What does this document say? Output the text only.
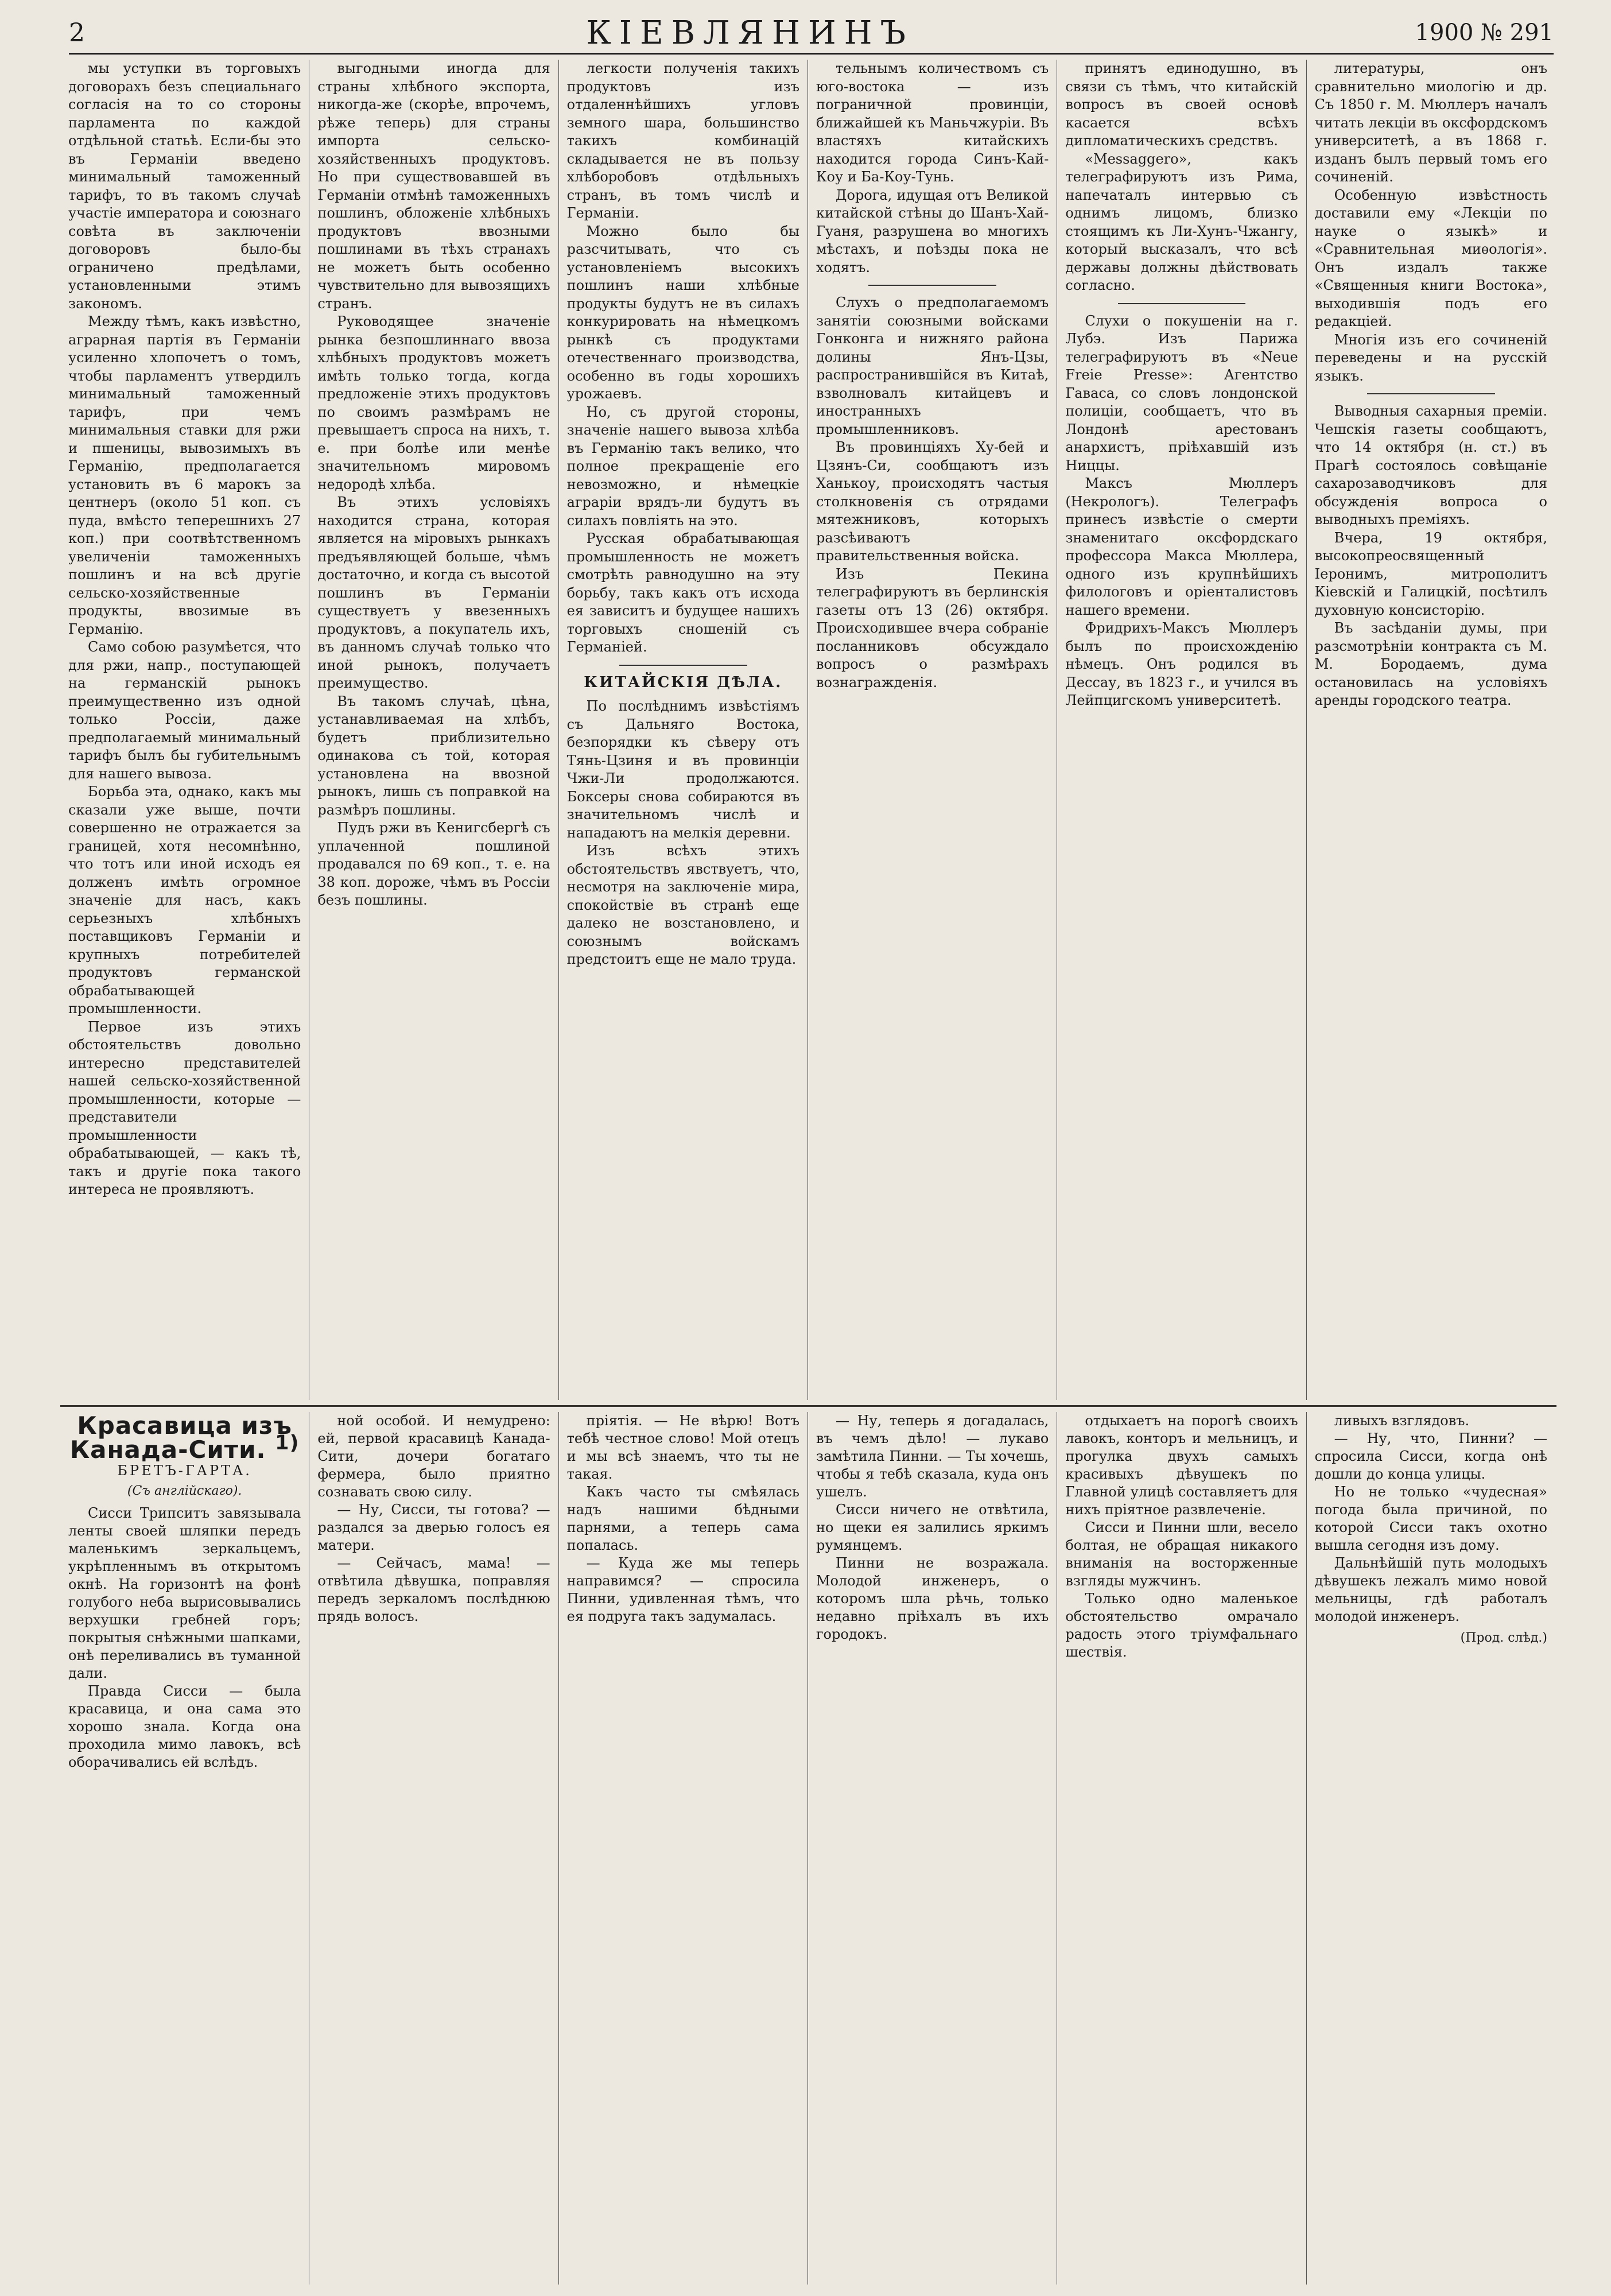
2	КІЕВЛЯНИНЪ	1900 № 291

мы уступки въ торговыхъ договорахъ безъ специальнаго согласія на то со стороны парламента по каждой отдѣльной статьѣ. Если-бы это въ Германіи введено минимальный таможенный тарифъ, то въ такомъ случаѣ участіе императора и союзнаго совѣта въ заключеніи договоровъ было-бы ограничено предѣлами, установленными этимъ закономъ.

Между тѣмъ, какъ извѣстно, аграрная партія въ Германіи усиленно хлопочетъ о томъ, чтобы парламентъ утвердилъ минимальный таможенный тарифъ, при чемъ минимальныя ставки для ржи и пшеницы, вывозимыхъ въ Германію, предполагается установить въ 6 марокъ за центнеръ (около 51 коп. съ пуда, вмѣсто теперешнихъ 27 коп.) при соотвѣтственномъ увеличеніи таможенныхъ пошлинъ и на всѣ другіе сельско-хозяйственные продукты, ввозимые въ Германію.

Само собою разумѣется, что для ржи, напр., поступающей на германскій рынокъ преимущественно изъ одной только Россіи, даже предполагаемый минимальный тарифъ былъ бы губительнымъ для нашего вывоза.

Борьба эта, однако, какъ мы сказали уже выше, почти совершенно не отражается за границей, хотя несомнѣнно, что тотъ или иной исходъ ея долженъ имѣть огромное значеніе для насъ, какъ серьезныхъ хлѣбныхъ поставщиковъ Германіи и крупныхъ потребителей продуктовъ германской обрабатывающей промышленности.

Первое изъ этихъ обстоятельствъ довольно интересно представителей нашей сельско-хозяйственной промышленности, которые — представители промышленности обрабатывающей, — какъ тѣ, такъ и другіе пока такого интереса не проявляютъ.

выгодными иногда для страны хлѣбного экспорта, никогда-же (скорѣе, впрочемъ, рѣже теперь) для страны импорта сельско-хозяйственныхъ продуктовъ. Но при существовавшей въ Германіи отмѣнѣ таможенныхъ пошлинъ, обложеніе хлѣбныхъ продуктовъ ввозными пошлинами въ тѣхъ странахъ не можетъ быть особенно чувствительно для вывозящихъ странъ.

Руководящее значеніе рынка безпошлиннаго ввоза хлѣбныхъ продуктовъ можетъ имѣть только тогда, когда предложеніе этихъ продуктовъ по своимъ размѣрамъ не превышаетъ спроса на нихъ, т. е. при болѣе или менѣе значительномъ мировомъ недородѣ хлѣба.

Въ этихъ условіяхъ находится страна, которая является на міровыхъ рынкахъ предъявляющей больше, чѣмъ достаточно, и когда съ высотой пошлинъ въ Германіи существуетъ у ввезенныхъ продуктовъ, а покупатель ихъ, въ данномъ случаѣ только что иной рынокъ, получаетъ преимущество.

Въ такомъ случаѣ, цѣна, устанавливаемая на хлѣбъ, будетъ приблизительно одинакова съ той, которая установлена на ввозной рынокъ, лишь съ поправкой на размѣръ пошлины.

Пудъ ржи въ Кенигсбергѣ съ уплаченной пошлиной продавался по 69 коп., т. е. на 38 коп. дороже, чѣмъ въ Россіи безъ пошлины.

легкости полученія такихъ продуктовъ изъ отдаленнѣйшихъ угловъ земного шара, большинство такихъ комбинацій складывается не въ пользу хлѣборобовъ отдѣльныхъ странъ, въ томъ числѣ и Германіи.

Можно было бы разсчитывать, что съ установленіемъ высокихъ пошлинъ наши хлѣбные продукты будутъ не въ силахъ конкурировать на нѣмецкомъ рынкѣ съ продуктами отечественнаго производства, особенно въ годы хорошихъ урожаевъ.

Но, съ другой стороны, значеніе нашего вывоза хлѣба въ Германію такъ велико, что полное прекращеніе его невозможно, и нѣмецкіе аграріи врядъ-ли будутъ въ силахъ повліять на это.

Русская обрабатывающая промышленность не можетъ смотрѣть равнодушно на эту борьбу, такъ какъ отъ исхода ея зависитъ и будущее нашихъ торговыхъ сношеній съ Германіей.

КИТАЙСКІЯ ДѢЛА.

По послѣднимъ извѣстіямъ съ Дальняго Востока, безпорядки къ сѣверу отъ Тянь-Цзиня и въ провинціи Чжи-Ли продолжаются. Боксеры снова собираются въ значительномъ числѣ и нападаютъ на мелкія деревни.

Изъ всѣхъ этихъ обстоятельствъ явствуетъ, что, несмотря на заключеніе мира, спокойствіе въ странѣ еще далеко не возстановлено, и союзнымъ войскамъ предстоитъ еще не мало труда.

тельнымъ количествомъ съ юго-востока — изъ пограничной провинціи, ближайшей къ Маньчжуріи. Въ властяхъ китайскихъ находится города Синъ-Кай-Коу и Ба-Коу-Тунь.

Дорога, идущая отъ Великой китайской стѣны до Шанъ-Хай-Гуаня, разрушена во многихъ мѣстахъ, и поѣзды пока не ходятъ.

Слухъ о предполагаемомъ занятіи союзными войсками Гонконга и нижняго района долины Янъ-Цзы, распространившійся въ Китаѣ, взволновалъ китайцевъ и иностранныхъ промышленниковъ.

Въ провинціяхъ Ху-бей и Цзянъ-Си, сообщаютъ изъ Ханькоу, происходятъ частыя столкновенія съ отрядами мятежниковъ, которыхъ разсѣиваютъ правительственныя войска.

Изъ Пекина телеграфируютъ въ берлинскія газеты отъ 13 (26) октября. Происходившее вчера собраніе посланниковъ обсуждало вопросъ о размѣрахъ вознагражденія.

принятъ единодушно, въ связи съ тѣмъ, что китайскій вопросъ въ своей основѣ касается всѣхъ дипломатическихъ средствъ.

«Messaggero», какъ телеграфируютъ изъ Рима, напечаталъ интервью съ однимъ лицомъ, близко стоящимъ къ Ли-Хунъ-Чжангу, который высказалъ, что всѣ державы должны дѣйствовать согласно.

Слухи о покушеніи на г. Лубэ. Изъ Парижа телеграфируютъ въ «Neue Freie Presse»: Агентство Гаваса, со словъ лондонской полиціи, сообщаетъ, что въ Лондонѣ арестованъ анархистъ, пріѣхавшій изъ Ниццы.

Максъ Мюллеръ (Некрологъ). Телеграфъ принесъ извѣстіе о смерти знаменитаго оксфордскаго профессора Макса Мюллера, одного изъ крупнѣйшихъ филологовъ и оріенталистовъ нашего времени.

Фридрихъ-Максъ Мюллеръ былъ по происхожденію нѣмецъ. Онъ родился въ Дессау, въ 1823 г., и учился въ Лейпцигскомъ университетѣ.

литературы, онъ сравнительно миологію и др. Съ 1850 г. М. Мюллеръ началъ читать лекціи въ оксфордскомъ университетѣ, а въ 1868 г. изданъ былъ первый томъ его сочиненій.

Особенную извѣстность доставили ему «Лекціи по науке о языкѣ» и «Сравнительная миѳологія». Онъ издалъ также «Священныя книги Востока», выходившія подъ его редакціей.

Многія изъ его сочиненій переведены и на русскій языкъ.

Выводныя сахарныя преміи. Чешскія газеты сообщаютъ, что 14 октября (н. ст.) въ Прагѣ состоялось совѣщаніе сахарозаводчиковъ для обсужденія вопроса о выводныхъ преміяхъ.

Вчера, 19 октября, высокопреосвященный Іеронимъ, митрополитъ Кіевскій и Галицкій, посѣтилъ духовную консисторію.

Въ засѣданіи думы, при разсмотрѣніи контракта съ М. М. Бородаемъ, дума остановилась на условіяхъ аренды городского театра.

Красавица изъ Канада-Сити. $^{1)}$
БРЕТЪ-ГАРТА.
(Съ англійскаго).

Сисси Трипситъ завязывала ленты своей шляпки передъ маленькимъ зеркальцемъ, укрѣпленнымъ въ открытомъ окнѣ. На горизонтѣ на фонѣ голубого неба вырисовывались верхушки гребней горъ; покрытыя снѣжными шапками, онѣ переливались въ туманной дали.

Правда Сисси — была красавица, и она сама это хорошо знала. Когда она проходила мимо лавокъ, всѣ оборачивались ей вслѣдъ.

ной особой. И немудрено: ей, первой красавицѣ Канада-Сити, дочери богатаго фермера, было приятно сознавать свою силу.

— Ну, Сисси, ты готова? — раздался за дверью голосъ ея матери.

— Сейчасъ, мама! — отвѣтила дѣвушка, поправляя передъ зеркаломъ послѣднюю прядь волосъ.

пріятія. — Не вѣрю! Вотъ тебѣ честное слово! Мой отецъ и мы всѣ знаемъ, что ты не такая.

Какъ часто ты смѣялась надъ нашими бѣдными парнями, а теперь сама попалась.

— Куда же мы теперь направимся? — спросила Пинни, удивленная тѣмъ, что ея подруга такъ задумалась.

— Ну, теперь я догадалась, въ чемъ дѣло! — лукаво замѣтила Пинни. — Ты хочешь, чтобы я тебѣ сказала, куда онъ ушелъ.

Сисси ничего не отвѣтила, но щеки ея залились яркимъ румянцемъ.

Пинни не возражала. Молодой инженеръ, о которомъ шла рѣчь, только недавно пріѣхалъ въ ихъ городокъ.

отдыхаетъ на порогѣ своихъ лавокъ, конторъ и мельницъ, и прогулка двухъ самыхъ красивыхъ дѣвушекъ по Главной улицѣ составляетъ для нихъ пріятное развлеченіе.

Сисси и Пинни шли, весело болтая, не обращая никакого вниманія на восторженные взгляды мужчинъ.

Только одно маленькое обстоятельство омрачало радость этого тріумфальнаго шествія.

ливыхъ взглядовъ.

— Ну, что, Пинни? — спросила Сисси, когда онѣ дошли до конца улицы.

Но не только «чудесная» погода была причиной, по которой Сисси такъ охотно вышла сегодня изъ дому.

Дальнѣйшій путь молодыхъ дѣвушекъ лежалъ мимо новой мельницы, гдѣ работалъ молодой инженеръ.

(Прод. слѣд.)
